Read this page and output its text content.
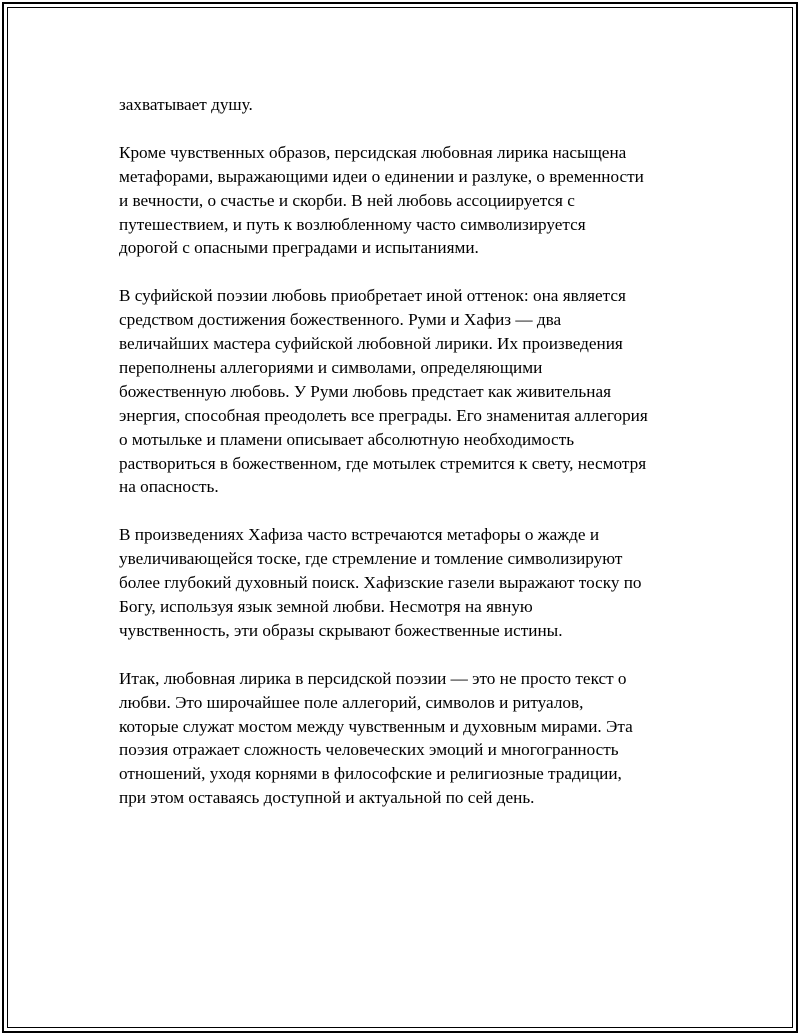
захватывает душу.

Кроме чувственных образов, персидская любовная лирика насыщена
метафорами, выражающими идеи о единении и разлуке, о временности
и вечности, о счастье и скорби. В ней любовь ассоциируется с
путешествием, и путь к возлюбленному часто символизируется
дорогой с опасными преградами и испытаниями.

В суфийской поэзии любовь приобретает иной оттенок: она является
средством достижения божественного. Руми и Хафиз — два
величайших мастера суфийской любовной лирики. Их произведения
переполнены аллегориями и символами, определяющими
божественную любовь. У Руми любовь предстает как живительная
энергия, способная преодолеть все преграды. Его знаменитая аллегория
о мотыльке и пламени описывает абсолютную необходимость
раствориться в божественном, где мотылек стремится к свету, несмотря
на опасность.

В произведениях Хафиза часто встречаются метафоры о жажде и
увеличивающейся тоске, где стремление и томление символизируют
более глубокий духовный поиск. Хафизские газели выражают тоску по
Богу, используя язык земной любви. Несмотря на явную
чувственность, эти образы скрывают божественные истины.

Итак, любовная лирика в персидской поэзии — это не просто текст о
любви. Это широчайшее поле аллегорий, символов и ритуалов,
которые служат мостом между чувственным и духовным мирами. Эта
поэзия отражает сложность человеческих эмоций и многогранность
отношений, уходя корнями в философские и религиозные традиции,
при этом оставаясь доступной и актуальной по сей день.
